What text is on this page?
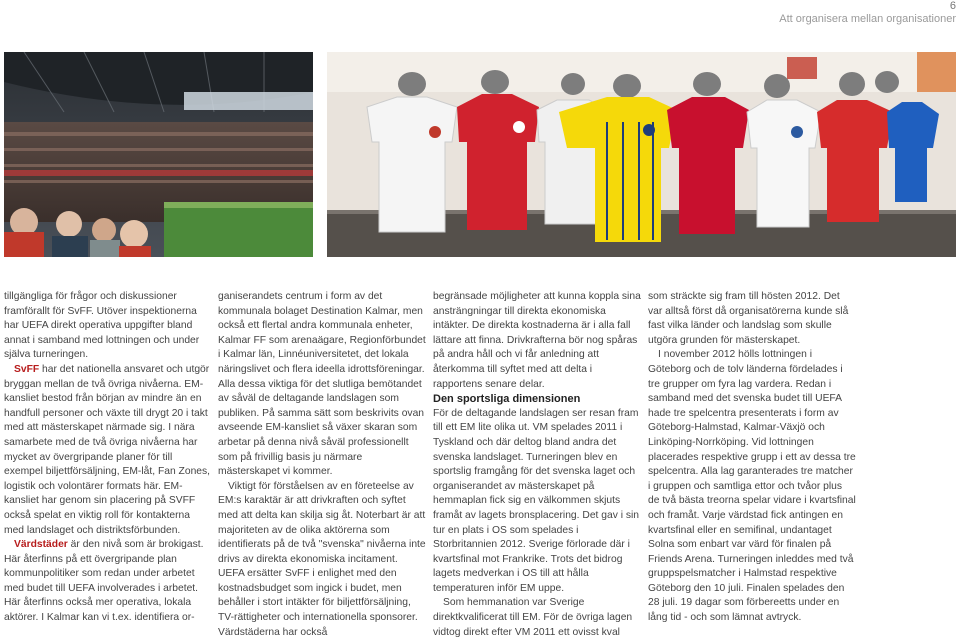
6
Att organisera mellan organisationer

tillgängliga för frågor och diskussioner framförallt för SvFF. Utöver inspektionerna har UEFA direkt operativa uppgifter bland annat i samband med lottningen och under själva turneringen.

SvFF har det nationella ansvaret och utgör bryggan mellan de två övriga nivåerna. EM-kansliet bestod från början av mindre än en handfull personer och växte till drygt 20 i takt med att mästerskapet närmade sig. I nära samarbete med de två övriga nivåerna har mycket av övergripande planer för till exempel biljettförsäljning, EM-låt, Fan Zones, logistik och volontärer formats här. EM-kansliet har genom sin placering på SVFF också spelat en viktig roll för kontakterna med landslaget och distriktsförbunden.

Värdstäder är den nivå som är brokigast. Här återfinns på ett övergripande plan kommunpolitiker som redan under arbetet med budet till UEFA involverades i arbetet. Här återfinns också mer operativa, lokala aktörer. I Kalmar kan vi t.ex. identifiera or-

ganiserandets centrum i form av det kommunala bolaget Destination Kalmar, men också ett flertal andra kommunala enheter, Kalmar FF som arenaägare, Regionförbundet i Kalmar län, Linnéuniversitetet, det lokala näringslivet och flera ideella idrottsföreningar. Alla dessa viktiga för det slutliga bemötandet av såväl de deltagande landslagen som publiken. På samma sätt som beskrivits ovan avseende EM-kansliet så växer skaran som arbetar på denna nivå såväl professionellt som på frivillig basis ju närmare mästerskapet vi kommer.

Viktigt för förståelsen av en företeelse av EM:s karaktär är att drivkraften och syftet med att delta kan skilja sig åt. Noterbart är att majoriteten av de olika aktörerna som identifierats på de två "svenska" nivåerna inte drivs av direkta ekonomiska incitament. UEFA ersätter SvFF i enlighet med den kostnadsbudget som ingick i budet, men behåller i stort intäkter för biljettförsäljning, TV-rättigheter och internationella sponsorer. Värdstäderna har också

begränsade möjligheter att kunna koppla sina ansträngningar till direkta ekonomiska intäkter. De direkta kostnaderna är i alla fall lättare att finna. Drivkrafterna bör nog spåras på andra håll och vi får anledning att återkomma till syftet med att delta i rapportens senare delar.

Den sportsliga dimensionen

För de deltagande landslagen ser resan fram till ett EM lite olika ut. VM spelades 2011 i Tyskland och där deltog bland andra det svenska landslaget. Turneringen blev en sportslig framgång för det svenska laget och organiserandet av mästerskapet på hemmaplan fick sig en välkommen skjuts framåt av lagets bronsplacering. Det gav i sin tur en plats i OS som spelades i Storbritannien 2012. Sverige förlorade där i kvartsfinal mot Frankrike. Trots det bidrog lagets medverkan i OS till att hålla temperaturen inför EM uppe.

Som hemmanation var Sverige direktkvalificerat till EM. För de övriga lagen vidtog direkt efter VM 2011 ett ovisst kval

som sträckte sig fram till hösten 2012. Det var alltså först då organisatörerna kunde slå fast vilka länder och landslag som skulle utgöra grunden för mästerskapet.

I november 2012 hölls lottningen i Göteborg och de tolv länderna fördelades i tre grupper om fyra lag vardera. Redan i samband med det svenska budet till UEFA hade tre spelcentra presenterats i form av Göteborg-Halmstad, Kalmar-Växjö och Linköping-Norrköping. Vid lottningen placerades respektive grupp i ett av dessa tre spelcentra. Alla lag garanterades tre matcher i gruppen och samtliga ettor och tvåor plus de två bästa treorna spelar vidare i kvartsfinal och framåt. Varje värdstad fick antingen en kvartsfinal eller en semifinal, undantaget Solna som enbart var värd för finalen på Friends Arena. Turneringen inleddes med två gruppspelsmatcher i Halmstad respektive Göteborg den 10 juli. Finalen spelades den 28 juli. 19 dagar som förbereetts under en lång tid - och som lämnat avtryck.
